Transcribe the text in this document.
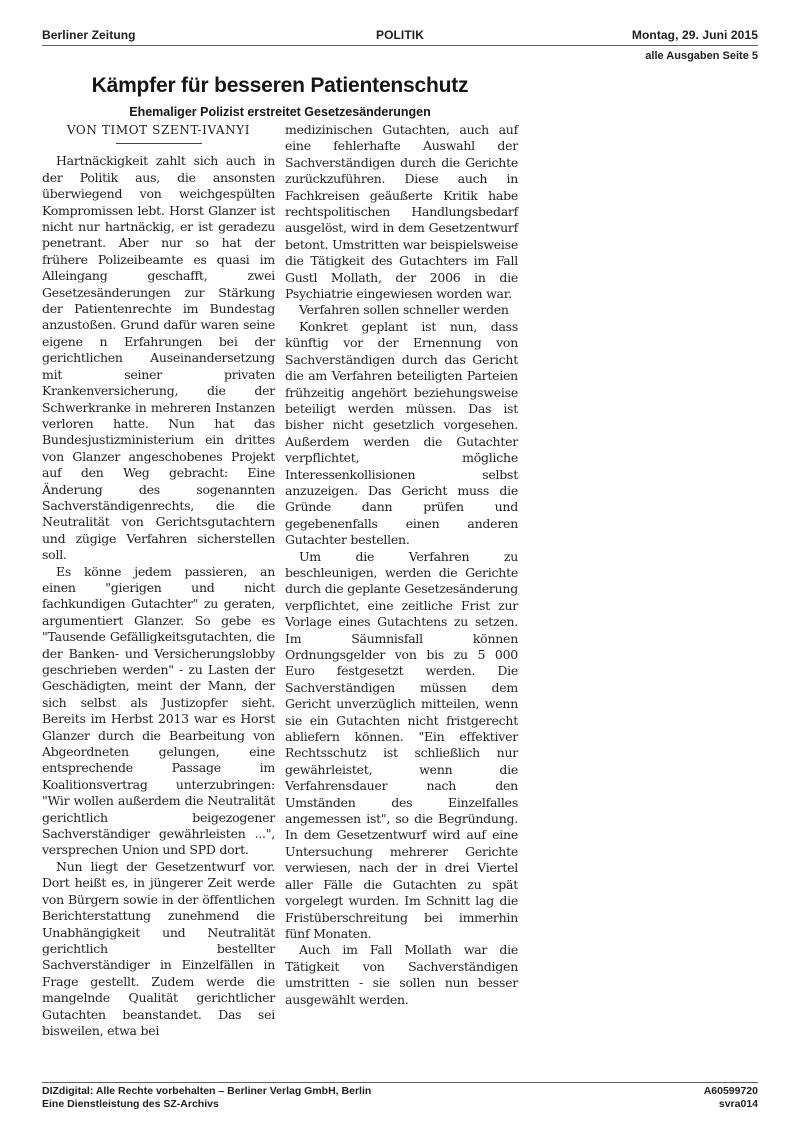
Berliner Zeitung	POLITIK	Montag, 29. Juni 2015
alle Ausgaben Seite 5
Kämpfer für besseren Patientenschutz
Ehemaliger Polizist erstreitet Gesetzesänderungen
VON TIMOT SZENT-IVANYI

Hartnäckigkeit zahlt sich auch in der Politik aus, die ansonsten überwiegend von weichgespülten Kompromissen lebt. Horst Glanzer ist nicht nur hartnäckig, er ist geradezu penetrant. Aber nur so hat der frühere Polizeibeamte es quasi im Alleingang geschafft, zwei Gesetzesänderungen zur Stärkung der Patientenrechte im Bundestag anzustoßen. Grund dafür waren seine eigene n Erfahrungen bei der gerichtlichen Auseinandersetzung mit seiner privaten Krankenversicherung, die der Schwerkranke in mehreren Instanzen verloren hatte. Nun hat das Bundesjustizministerium ein drittes von Glanzer angeschobenes Projekt auf den Weg gebracht: Eine Änderung des sogenannten Sachverständigenrechts, die die Neutralität von Gerichtsgutachtern und zügige Verfahren sicherstellen soll.

Es könne jedem passieren, an einen "gierigen und nicht fachkundigen Gutachter" zu geraten, argumentiert Glanzer. So gebe es "Tausende Gefälligkeitsgutachten, die der Banken- und Versicherungslobby geschrieben werden" - zu Lasten der Geschädigten, meint der Mann, der sich selbst als Justizopfer sieht. Bereits im Herbst 2013 war es Horst Glanzer durch die Bearbeitung von Abgeordneten gelungen, eine entsprechende Passage im Koalitionsvertrag unterzubringen: "Wir wollen außerdem die Neutralität gerichtlich beigezogener Sachverständiger gewährleisten ...", versprechen Union und SPD dort.

Nun liegt der Gesetzentwurf vor. Dort heißt es, in jüngerer Zeit werde von Bürgern sowie in der öffentlichen Berichterstattung zunehmend die Unabhängigkeit und Neutralität gerichtlich bestellter Sachverständiger in Einzelfällen in Frage gestellt. Zudem werde die mangelnde Qualität gerichtlicher Gutachten beanstandet. Das sei bisweilen, etwa bei

medizinischen Gutachten, auch auf eine fehlerhafte Auswahl der Sachverständigen durch die Gerichte zurückzuführen. Diese auch in Fachkreisen geäußerte Kritik habe rechtspolitischen Handlungsbedarf ausgelöst, wird in dem Gesetzentwurf betont. Umstritten war beispielsweise die Tätigkeit des Gutachters im Fall Gustl Mollath, der 2006 in die Psychiatrie eingewiesen worden war.

Verfahren sollen schneller werden

Konkret geplant ist nun, dass künftig vor der Ernennung von Sachverständigen durch das Gericht die am Verfahren beteiligten Parteien frühzeitig angehört beziehungsweise beteiligt werden müssen. Das ist bisher nicht gesetzlich vorgesehen. Außerdem werden die Gutachter verpflichtet, mögliche Interessenkollisionen selbst anzuzeigen. Das Gericht muss die Gründe dann prüfen und gegebenenfalls einen anderen Gutachter bestellen.

Um die Verfahren zu beschleunigen, werden die Gerichte durch die geplante Gesetzesänderung verpflichtet, eine zeitliche Frist zur Vorlage eines Gutachtens zu setzen. Im Säumnisfall können Ordnungsgelder von bis zu 5 000 Euro festgesetzt werden. Die Sachverständigen müssen dem Gericht unverzüglich mitteilen, wenn sie ein Gutachten nicht fristgerecht abliefern können. "Ein effektiver Rechtsschutz ist schließlich nur gewährleistet, wenn die Verfahrensdauer nach den Umständen des Einzelfalles angemessen ist", so die Begründung. In dem Gesetzentwurf wird auf eine Untersuchung mehrerer Gerichte verwiesen, nach der in drei Viertel aller Fälle die Gutachten zu spät vorgelegt wurden. Im Schnitt lag die Fristüberschreitung bei immerhin fünf Monaten.

Auch im Fall Mollath war die Tätigkeit von Sachverständigen umstritten - sie sollen nun besser ausgewählt werden.

DIZdigital: Alle Rechte vorbehalten – Berliner Verlag GmbH, Berlin
Eine Dienstleistung des SZ-Archivs
A60599720
svra014
